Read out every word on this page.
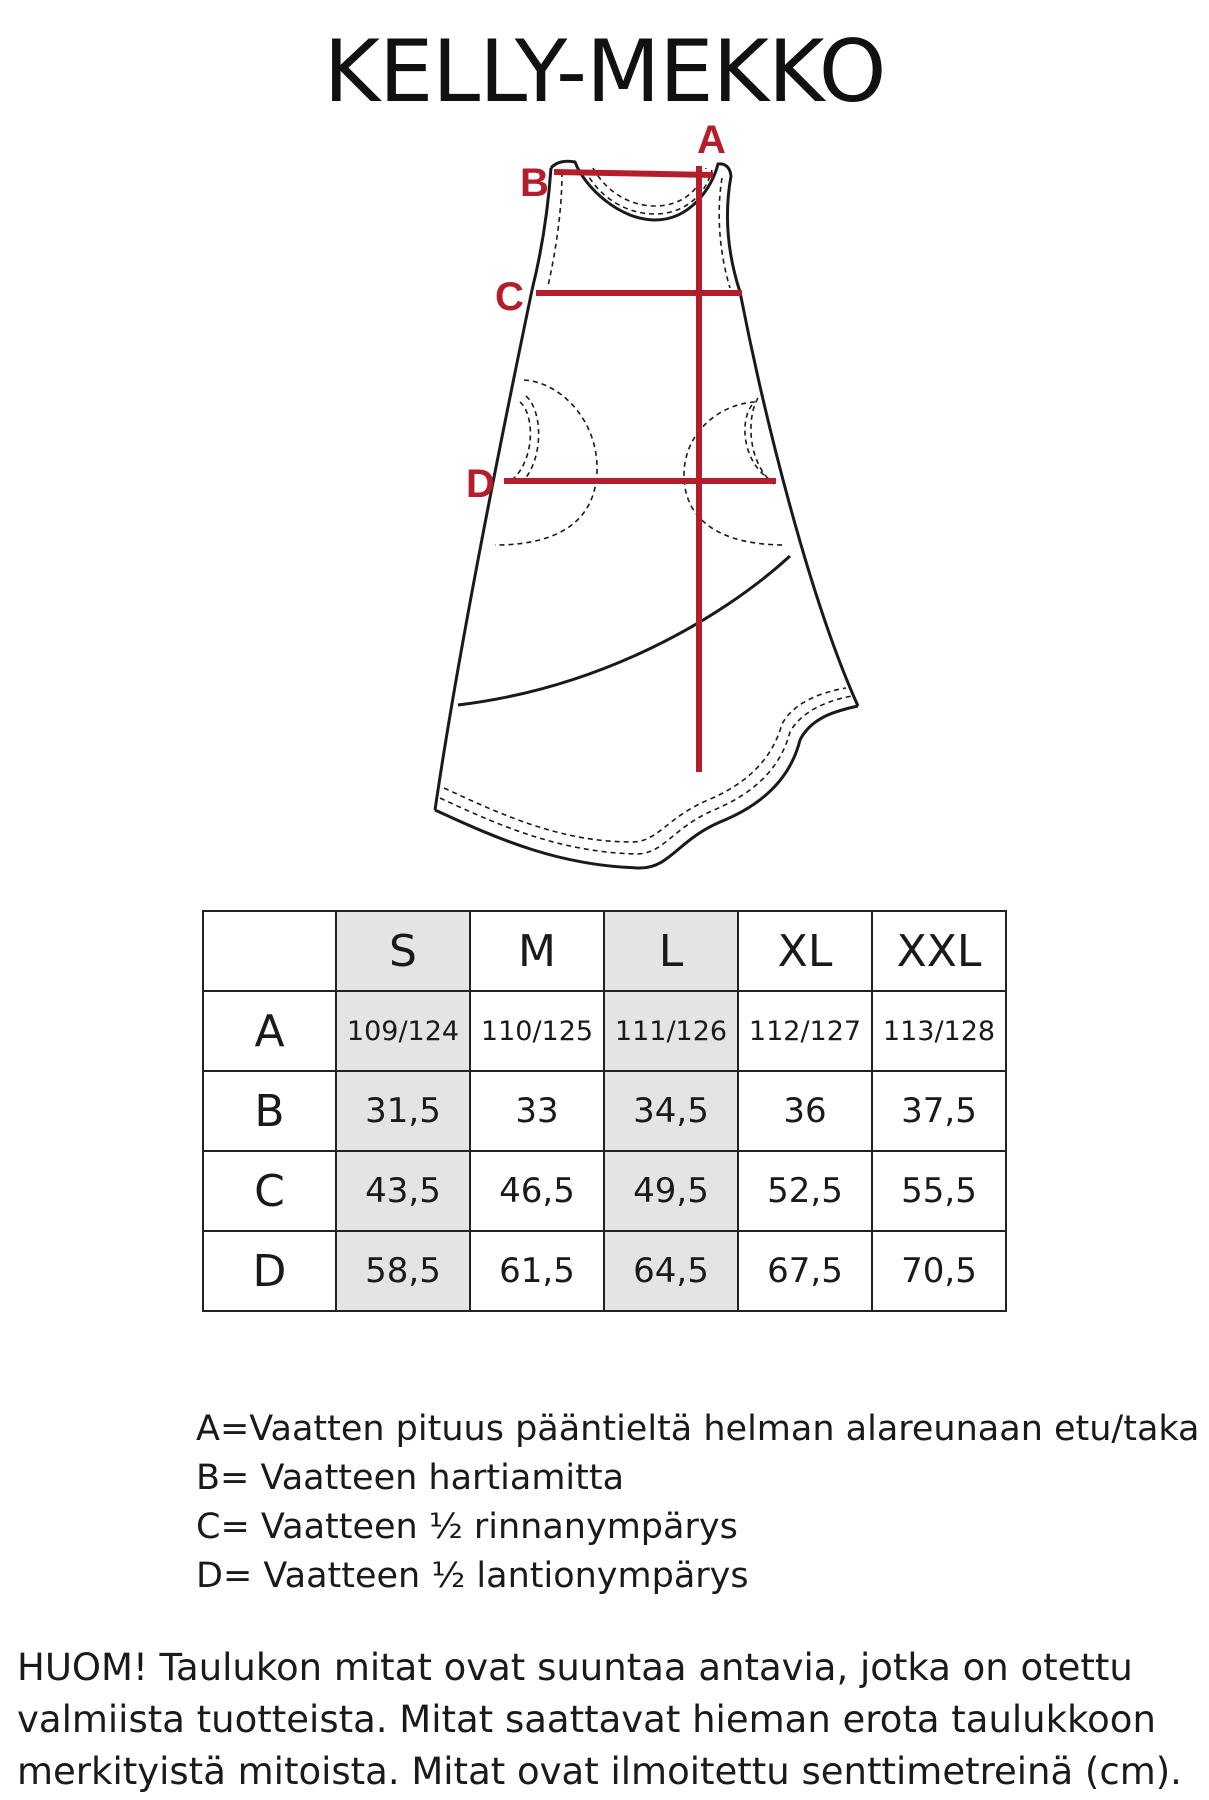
KELLY-MEKKO
A
B
C
D
	S	M	L	XL	XXL
A	109/124	110/125	111/126	112/127	113/128
B	31,5	33	34,5	36	37,5
C	43,5	46,5	49,5	52,5	55,5
D	58,5	61,5	64,5	67,5	70,5
A=Vaatten pituus pääntieltä helman alareunaan etu/taka
B= Vaatteen hartiamitta
C= Vaatteen ½ rinnanympärys
D= Vaatteen ½ lantionympärys
HUOM! Taulukon mitat ovat suuntaa antavia, jotka on otettu
valmiista tuotteista. Mitat saattavat hieman erota taulukkoon
merkityistä mitoista. Mitat ovat ilmoitettu senttimetreinä (cm).
